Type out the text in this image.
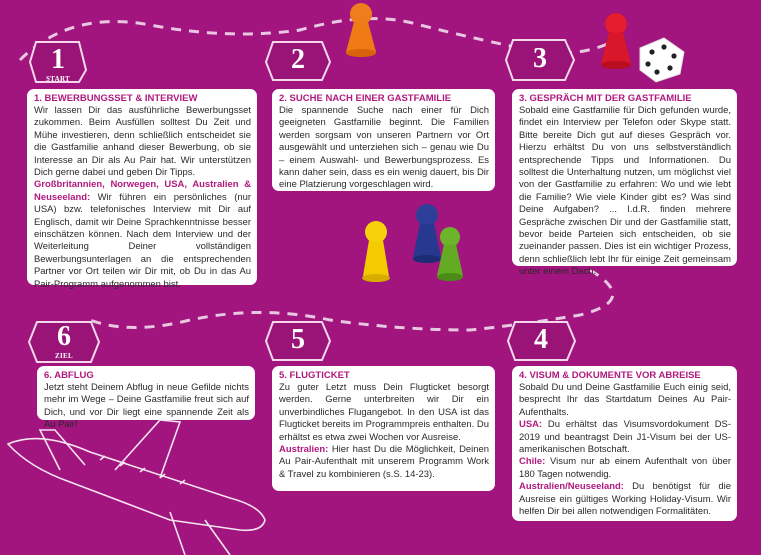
1
START
2	3
6
ZIEL
5	4
1. BEWERBUNGSSET & INTERVIEW

Wir lassen Dir das ausführliche Bewerbungsset zukommen. Beim Ausfüllen solltest Du Zeit und Mühe investieren, denn schließlich entscheidet sie die Gastfamilie anhand dieser Bewerbung, ob sie Interesse an Dir als Au Pair hat. Wir unterstützen Dich gerne dabei und geben Dir Tipps.

Großbritannien, Norwegen, USA, Australien & Neuseeland: Wir führen ein persönliches (nur USA) bzw. telefonisches Interview mit Dir auf Englisch, damit wir Deine Sprachkenntnisse besser einschätzen können. Nach dem Interview und der Weiterleitung Deiner vollständigen Bewerbungsunterlagen an die entsprechenden Partner vor Ort teilen wir Dir mit, ob Du in das Au Pair-Programm aufgenommen bist.

2. SUCHE NACH EINER GASTFAMILIE

Die spannende Suche nach einer für Dich geeigneten Gastfamilie beginnt. Die Familien werden sorgsam von unseren Partnern vor Ort ausgewählt und unterziehen sich – genau wie Du – einem Auswahl- und Bewerbungsprozess. Es kann daher sein, dass es ein wenig dauert, bis Dir eine Platzierung vorgeschlagen wird.

3. GESPRÄCH MIT DER GASTFAMILIE

Sobald eine Gastfamilie für Dich gefunden wurde, findet ein Interview per Telefon oder Skype statt. Bitte bereite Dich gut auf dieses Gespräch vor. Hierzu erhältst Du von uns selbstverständlich entsprechende Tipps und Informationen. Du solltest die Unterhaltung nutzen, um möglichst viel von der Gastfamilie zu erfahren: Wo und wie lebt die Familie? Wie viele Kinder gibt es? Was sind Deine Aufgaben? ... I.d.R. finden mehrere Gespräche zwischen Dir und der Gastfamilie statt, bevor beide Parteien sich entscheiden, ob sie zueinander passen. Dies ist ein wichtiger Prozess, denn schließlich lebt Ihr für einige Zeit gemeinsam unter einem Dach.

6. ABFLUG

Jetzt steht Deinem Abflug in neue Gefilde nichts mehr im Wege – Deine Gastfamilie freut sich auf Dich, und vor Dir liegt eine spannende Zeit als Au Pair!

5. FLUGTICKET

Zu guter Letzt muss Dein Flugticket besorgt werden. Gerne unterbreiten wir Dir ein unverbindliches Flugangebot. In den USA ist das Flugticket bereits im Programmpreis enthalten. Du erhältst es etwa zwei Wochen vor Ausreise.

Australien: Hier hast Du die Möglichkeit, Deinen Au Pair-Aufenthalt mit unserem Programm Work & Travel zu kombinieren (s.S. 14-23).

4. VISUM & DOKUMENTE VOR ABREISE

Sobald Du und Deine Gastfamilie Euch einig seid, besprecht Ihr das Startdatum Deines Au Pair-Aufenthalts.

USA: Du erhältst das Visumsvordokument DS-2019 und beantragst Dein J1-Visum bei der US-amerikanischen Botschaft.

Chile: Visum nur ab einem Aufenthalt von über 180 Tagen notwendig.

Australien/Neuseeland: Du benötigst für die Ausreise ein gültiges Working Holiday-Visum. Wir helfen Dir bei allen notwendigen Formalitäten.
